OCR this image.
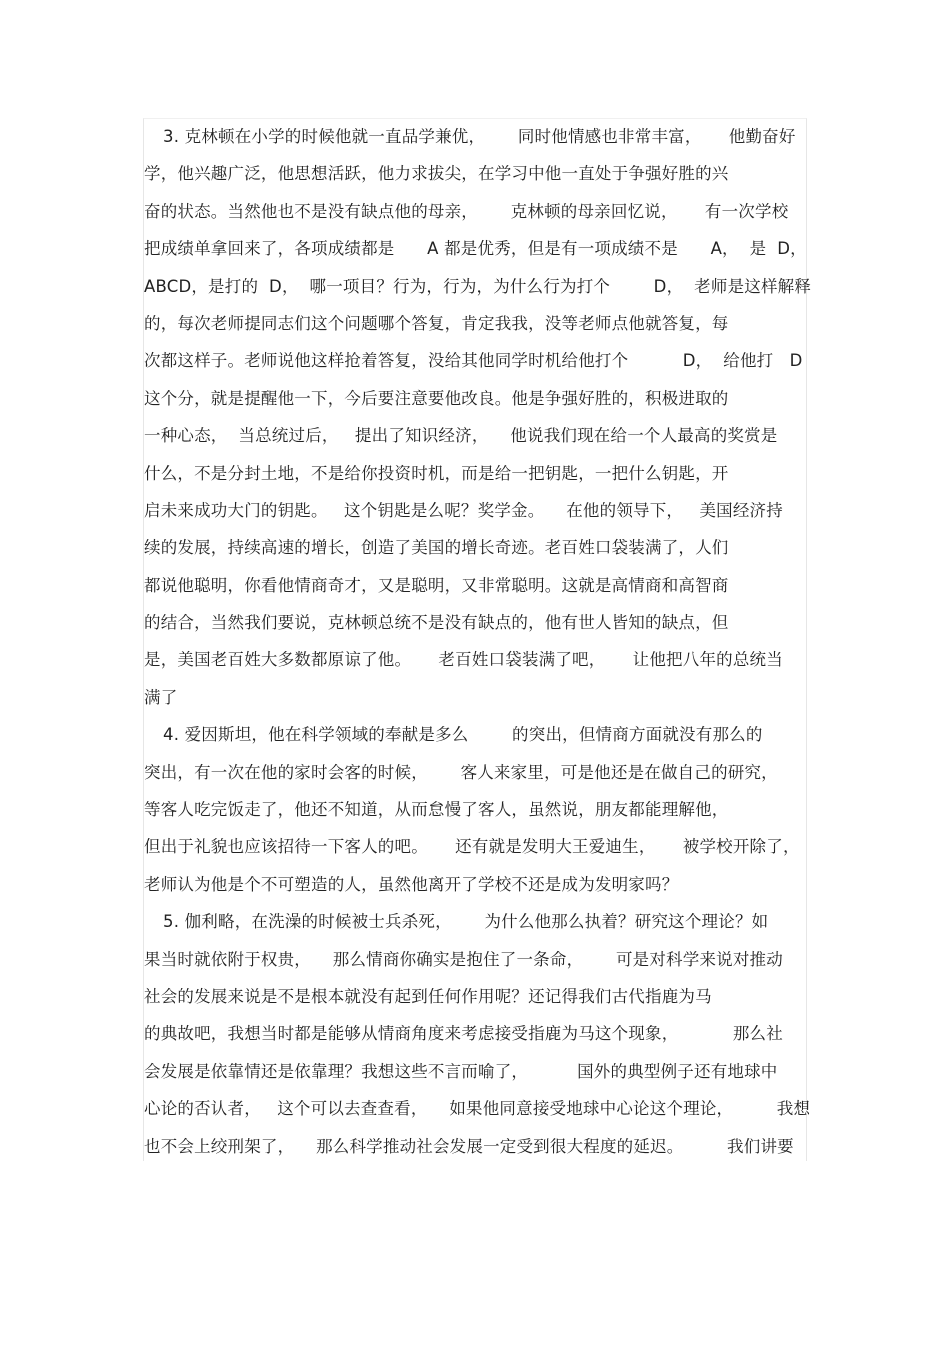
3. 克林顿在小学的时候他就一直品学兼优，      同时他情感也非常丰富，     他勤奋好
学，他兴趣广泛，他思想活跃，他力求拔尖，在学习中他一直处于争强好胜的兴
奋的状态。当然他也不是没有缺点他的母亲，      克林顿的母亲回忆说，     有一次学校
把成绩单拿回来了，各项成绩都是      A 都是优秀，但是有一项成绩不是      A，  是  D，
ABCD，是打的  D，  哪一项目？行为，行为，为什么行为打个        D，  老师是这样解释
的，每次老师提同志们这个问题哪个答复，肯定我我，没等老师点他就答复，每
次都这样子。老师说他这样抢着答复，没给其他同学时机给他打个          D，  给他打   D
这个分，就是提醒他一下，今后要注意要他改良。他是争强好胜的，积极进取的
一种心态，  当总统过后，   提出了知识经济，    他说我们现在给一个人最高的奖赏是
什么，不是分封土地，不是给你投资时机，而是给一把钥匙，一把什么钥匙，开
启未来成功大门的钥匙。   这个钥匙是么呢？奖学金。    在他的领导下，   美国经济持
续的发展，持续高速的增长，创造了美国的增长奇迹。老百姓口袋装满了，人们
都说他聪明，你看他情商奇才，又是聪明，又非常聪明。这就是高情商和高智商
的结合，当然我们要说，克林顿总统不是没有缺点的，他有世人皆知的缺点，但
是，美国老百姓大多数都原谅了他。     老百姓口袋装满了吧，     让他把八年的总统当
满了
4. 爱因斯坦，他在科学领域的奉献是多么        的突出，但情商方面就没有那么的
突出，有一次在他的家时会客的时候，      客人来家里，可是他还是在做自己的研究，
等客人吃完饭走了，他还不知道，从而怠慢了客人，虽然说，朋友都能理解他，
但出于礼貌也应该招待一下客人的吧。     还有就是发明大王爱迪生，     被学校开除了，
老师认为他是个不可塑造的人，虽然他离开了学校不还是成为发明家吗？
5. 伽利略，在洗澡的时候被士兵杀死，      为什么他那么执着？研究这个理论？如
果当时就依附于权贵，    那么情商你确实是抱住了一条命，      可是对科学来说对推动
社会的发展来说是不是根本就没有起到任何作用呢？还记得我们古代指鹿为马
的典故吧，我想当时都是能够从情商角度来考虑接受指鹿为马这个现象，          那么社
会发展是依靠情还是依靠理？我想这些不言而喻了，         国外的典型例子还有地球中
心论的否认者，   这个可以去查查看，    如果他同意接受地球中心论这个理论，        我想
也不会上绞刑架了，    那么科学推动社会发展一定受到很大程度的延迟。        我们讲要
